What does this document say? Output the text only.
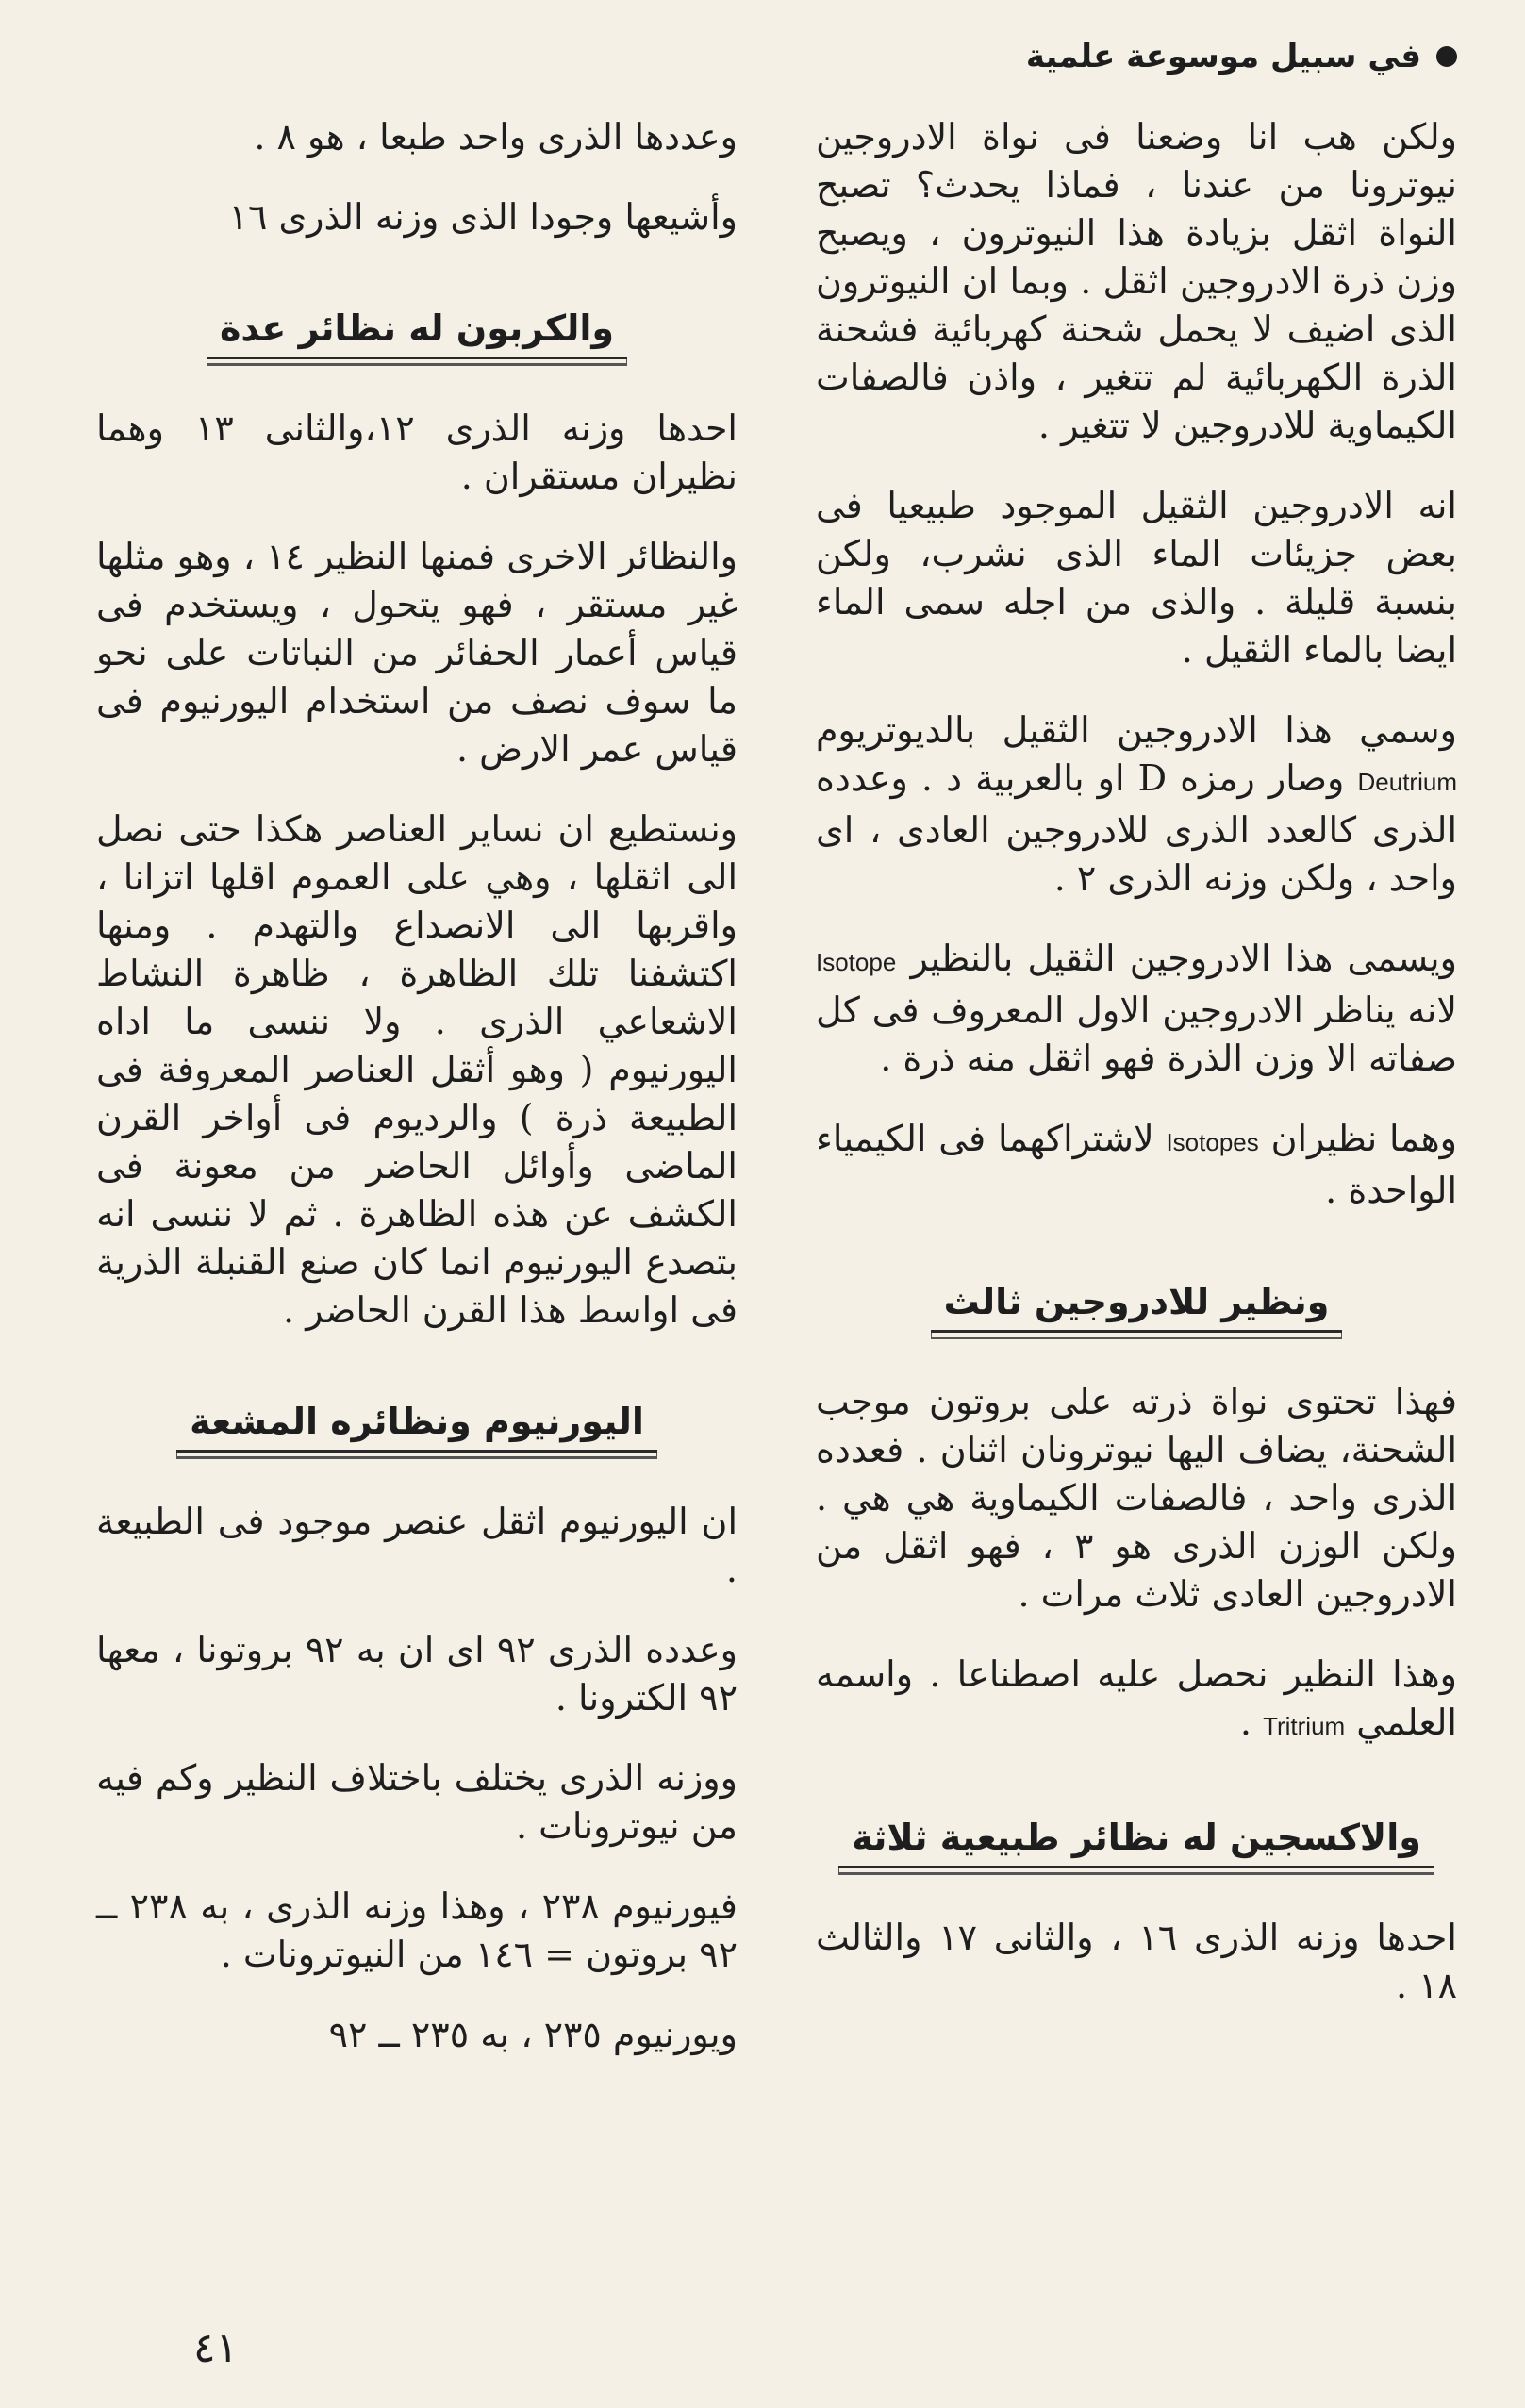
في سبيل موسوعة علمية

ولكن هب انا وضعنا فى نواة الادروجين نيوترونا من عندنا ، فماذا يحدث؟ تصبح النواة اثقل بزيادة هذا النيوترون ، ويصبح وزن ذرة الادروجين اثقل . وبما ان النيوترون الذى اضيف لا يحمل شحنة كهربائية فشحنة الذرة الكهربائية لم تتغير ، واذن فالصفات الكيماوية للادروجين لا تتغير .

انه الادروجين الثقيل الموجود طبيعيا فى بعض جزيئات الماء الذى نشرب، ولكن بنسبة قليلة . والذى من اجله سمى الماء ايضا بالماء الثقيل .

وسمي هذا الادروجين الثقيل بالديوتريوم Deutrium وصار رمزه D او بالعربية د . وعدده الذرى كالعدد الذرى للادروجين العادى ، اى واحد ، ولكن وزنه الذرى ٢ .

ويسمى هذا الادروجين الثقيل بالنظير Isotope لانه يناظر الادروجين الاول المعروف فى كل صفاته الا وزن الذرة فهو اثقل منه ذرة .

وهما نظيران Isotopes لاشتراكهما فى الكيمياء الواحدة .

ونظير للادروجين ثالث

فهذا تحتوى نواة ذرته على بروتون موجب الشحنة، يضاف اليها نيوترونان اثنان . فعدده الذرى واحد ، فالصفات الكيماوية هي هي . ولكن الوزن الذرى هو ٣ ، فهو اثقل من الادروجين العادى ثلاث مرات .

وهذا النظير نحصل عليه اصطناعا . واسمه العلمي Tritrium .

والاكسجين له نظائر طبيعية ثلاثة

احدها وزنه الذرى ١٦ ، والثانى ١٧ والثالث ١٨ .

وعددها الذرى واحد طبعا ، هو ٨ .

وأشيعها وجودا الذى وزنه الذرى ١٦

والكربون له نظائر عدة

احدها وزنه الذرى ١٢،والثانى ١٣ وهما نظيران مستقران .

والنظائر الاخرى فمنها النظير ١٤ ، وهو مثلها غير مستقر ، فهو يتحول ، ويستخدم فى قياس أعمار الحفائر من النباتات على نحو ما سوف نصف من استخدام اليورنيوم فى قياس عمر الارض .

ونستطيع ان نساير العناصر هكذا حتى نصل الى اثقلها ، وهي على العموم اقلها اتزانا ، واقربها الى الانصداع والتهدم . ومنها اكتشفنا تلك الظاهرة ، ظاهرة النشاط الاشعاعي الذرى . ولا ننسى ما اداه اليورنيوم ( وهو أثقل العناصر المعروفة فى الطبيعة ذرة ) والرديوم فى أواخر القرن الماضى وأوائل الحاضر من معونة فى الكشف عن هذه الظاهرة . ثم لا ننسى انه بتصدع اليورنيوم انما كان صنع القنبلة الذرية فى اواسط هذا القرن الحاضر .

اليورنيوم ونظائره المشعة

ان اليورنيوم اثقل عنصر موجود فى الطبيعة .

وعدده الذرى ٩٢ اى ان به ٩٢ بروتونا ، معها ٩٢ الكترونا .

ووزنه الذرى يختلف باختلاف النظير وكم فيه من نيوترونات .

فيورنيوم ٢٣٨ ، وهذا وزنه الذرى ، به ٢٣٨ ــ ٩٢ بروتون = ١٤٦ من النيوترونات .

ويورنيوم ٢٣٥ ، به ٢٣٥ ــ ٩٢

٤١
